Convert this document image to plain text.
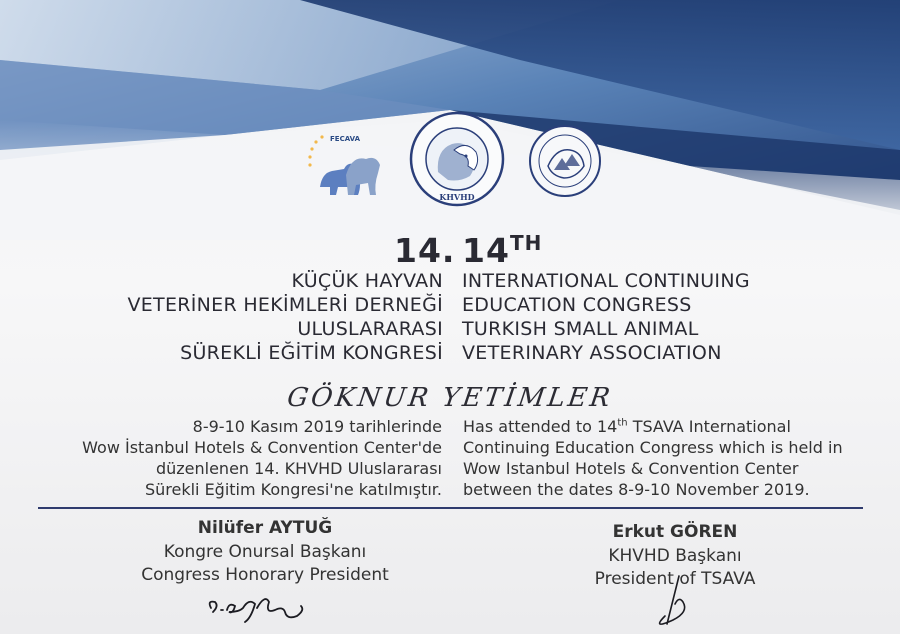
FECAVA
KHVHD
14. 14TH
KÜÇÜK HAYVAN
VETERİNER HEKİMLERİ DERNEĞİ
ULUSLARARASI
SÜREKLİ EĞİTİM KONGRESİ
INTERNATIONAL CONTINUING
EDUCATION CONGRESS
TURKISH SMALL ANIMAL
VETERINARY ASSOCIATION
GÖKNUR YETİMLER
8-9-10 Kasım 2019 tarihlerinde
Wow İstanbul Hotels & Convention Center'de
düzenlenen 14. KHVHD Uluslararası
Sürekli Eğitim Kongresi'ne katılmıştır.
Has attended to 14th TSAVA International
Continuing Education Congress which is held in
Wow Istanbul Hotels & Convention Center
between the dates 8-9-10 November 2019.
Nilüfer AYTUĞ
Kongre Onursal Başkanı
Congress Honorary President
Erkut GÖREN
KHVHD Başkanı
President of TSAVA
